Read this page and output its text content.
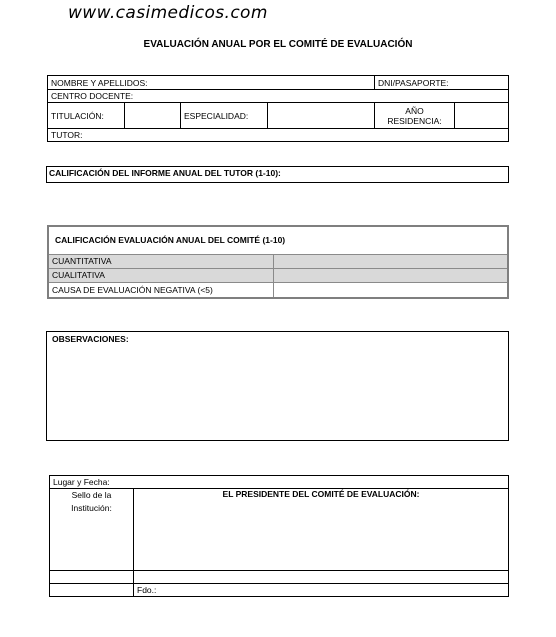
www.casimedicos.com
EVALUACIÓN ANUAL POR EL COMITÉ DE EVALUACIÓN
NOMBRE Y APELLIDOS:				DNI/PASAPORTE:	
CENTRO DOCENTE:					
TITULACIÓN:		ESPECIALIDAD:		AÑO RESIDENCIA:	
TUTOR:					
CALIFICACIÓN DEL INFORME ANUAL DEL TUTOR (1-10):
CALIFICACIÓN EVALUACIÓN ANUAL DEL COMITÉ (1-10)	

CUANTITATIVA	
CUALITATIVA	
CAUSA DE EVALUACIÓN NEGATIVA (<5)	
OBSERVACIONES:
Lugar y Fecha:	
Sello de la Institución:	EL PRESIDENTE DEL COMITÉ DE EVALUACIÓN:

	Fdo.:
